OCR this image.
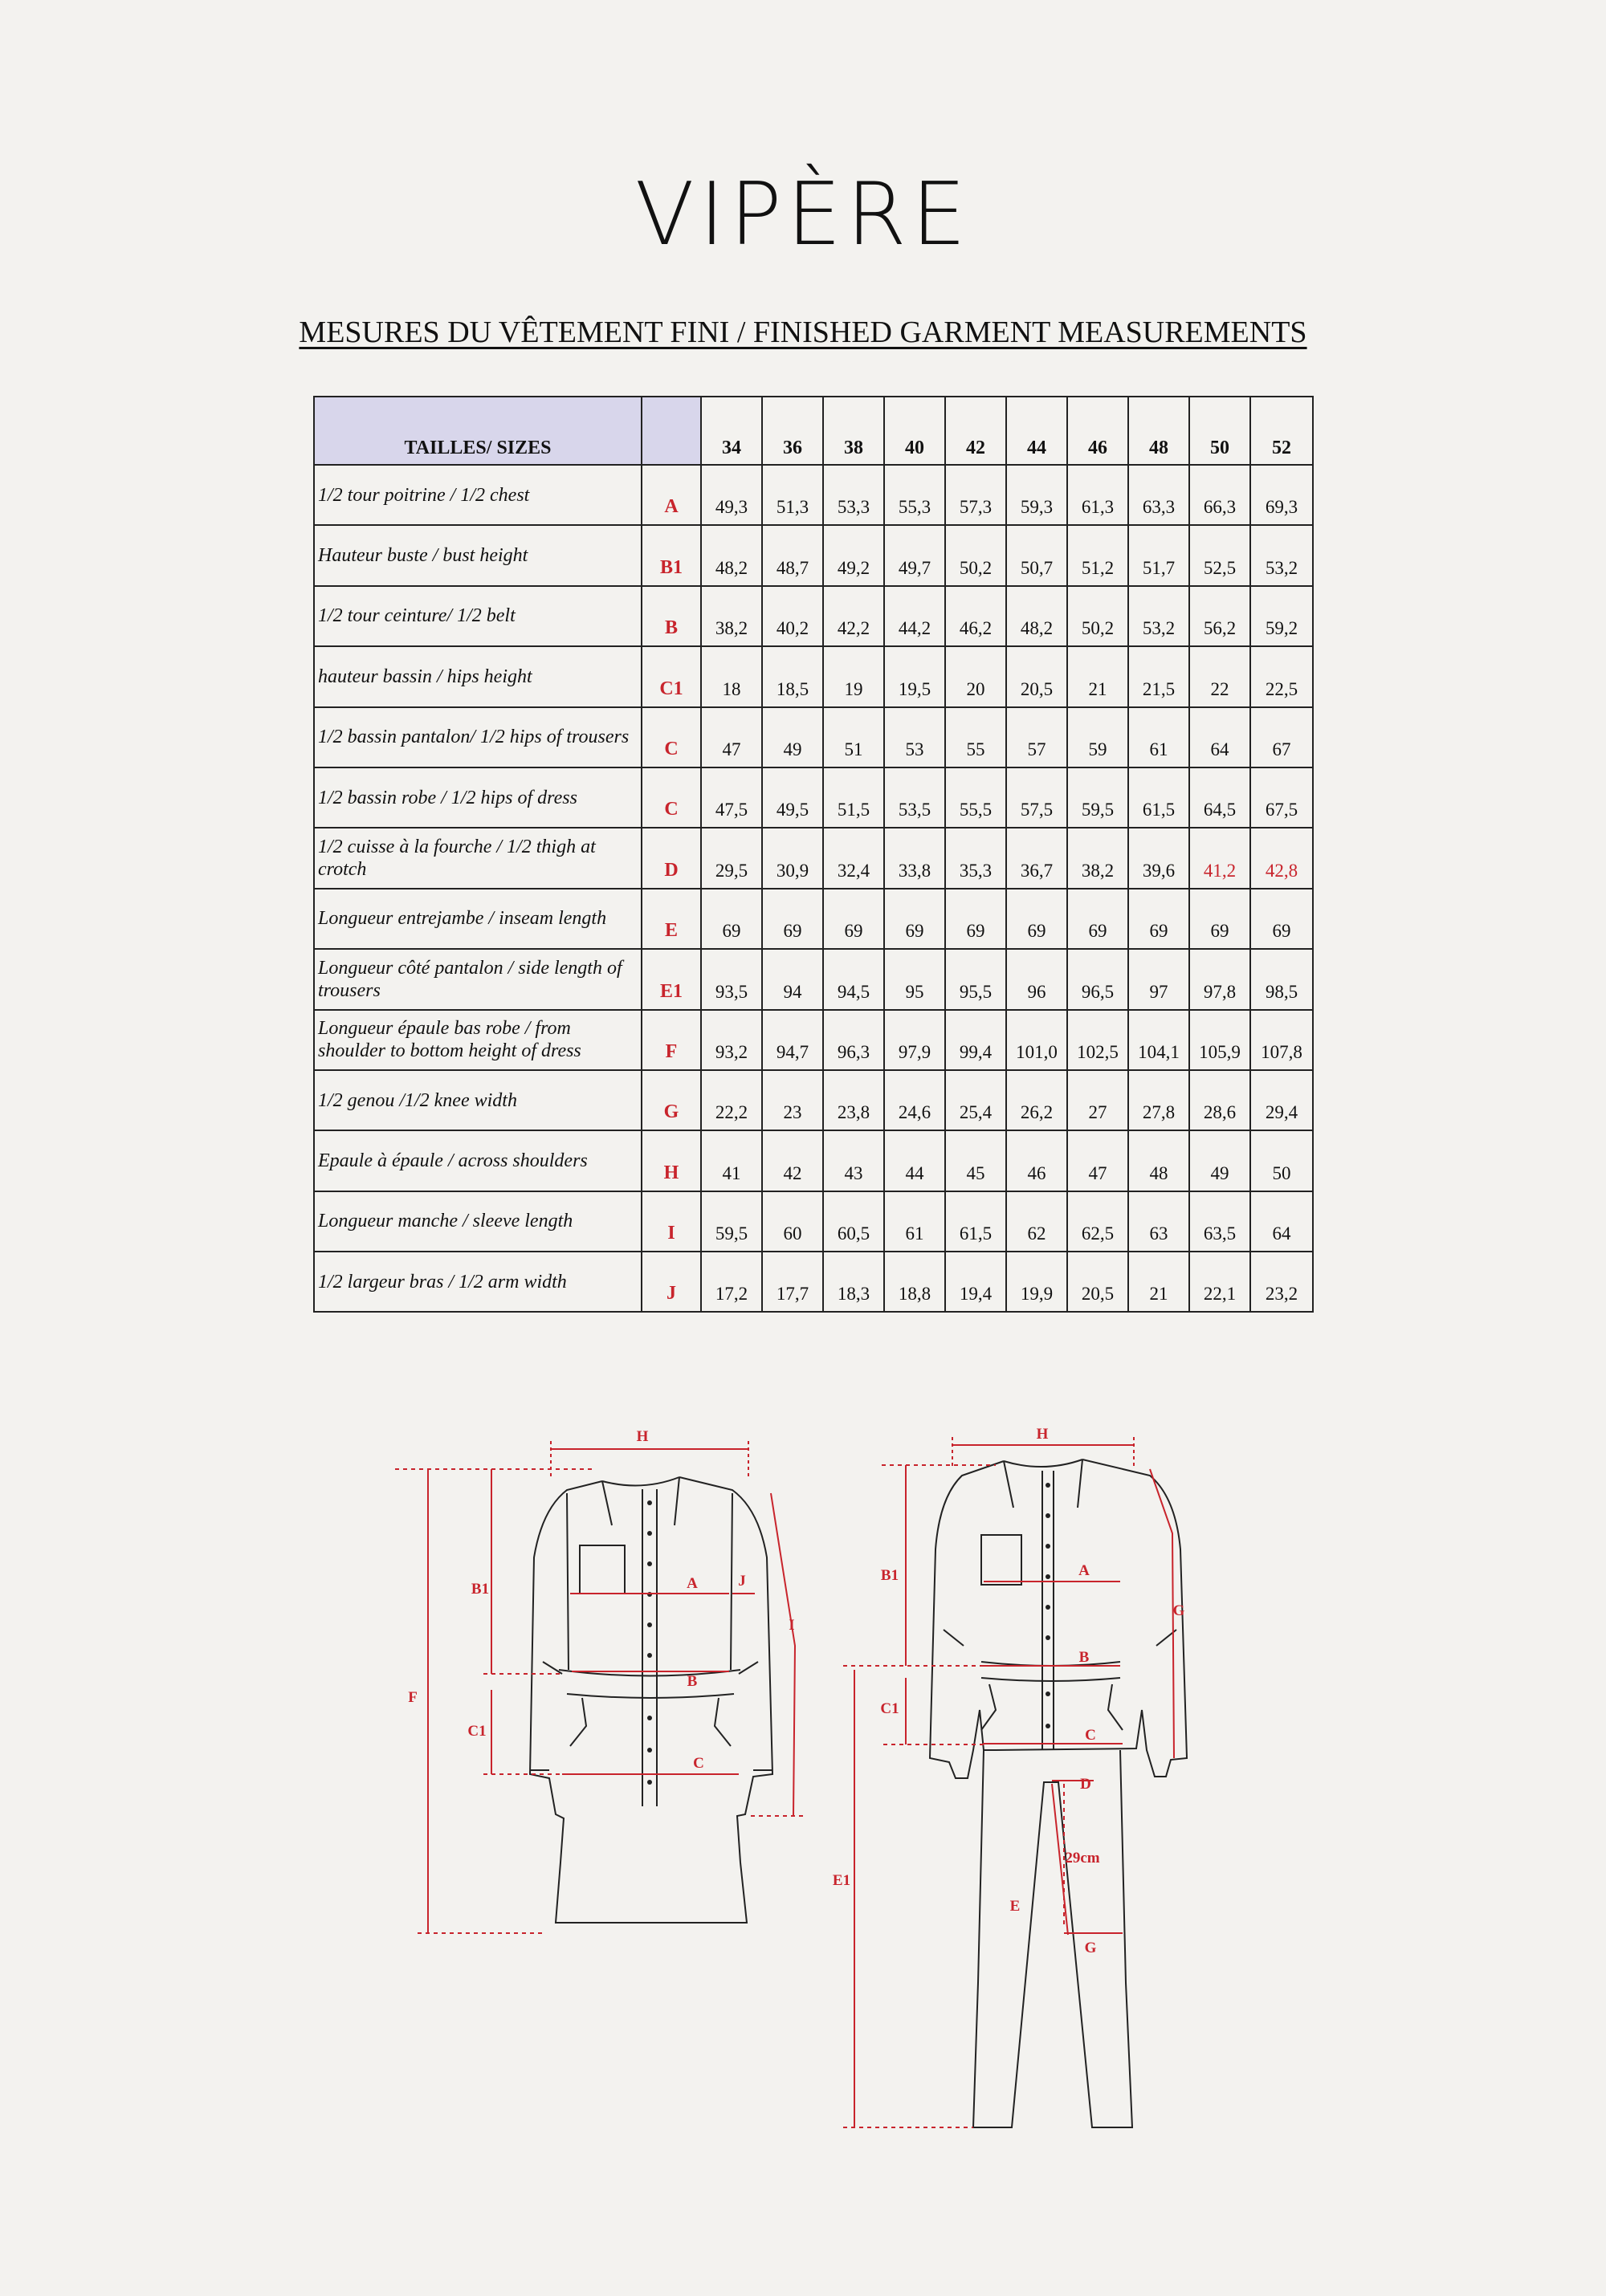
VIPÈRE
MESURES DU VÊTEMENT FINI / FINISHED GARMENT MEASUREMENTS
TAILLES/ SIZES		34	36	38	40	42	44	46	48	50	52
1/2 tour poitrine / 1/2 chest	A	49,3	51,3	53,3	55,3	57,3	59,3	61,3	63,3	66,3	69,3
Hauteur buste / bust height	B1	48,2	48,7	49,2	49,7	50,2	50,7	51,2	51,7	52,5	53,2
1/2 tour ceinture/ 1/2 belt	B	38,2	40,2	42,2	44,2	46,2	48,2	50,2	53,2	56,2	59,2
hauteur bassin / hips height	C1	18	18,5	19	19,5	20	20,5	21	21,5	22	22,5
1/2 bassin pantalon/ 1/2 hips of trousers	C	47	49	51	53	55	57	59	61	64	67
1/2 bassin robe / 1/2 hips of dress	C	47,5	49,5	51,5	53,5	55,5	57,5	59,5	61,5	64,5	67,5
1/2 cuisse à la fourche / 1/2 thigh at crotch	D	29,5	30,9	32,4	33,8	35,3	36,7	38,2	39,6	41,2	42,8
Longueur entrejambe / inseam length	E	69	69	69	69	69	69	69	69	69	69
Longueur côté pantalon / side length of trousers	E1	93,5	94	94,5	95	95,5	96	96,5	97	97,8	98,5
Longueur épaule bas robe / from shoulder to bottom height of dress	F	93,2	94,7	96,3	97,9	99,4	101,0	102,5	104,1	105,9	107,8
1/2 genou /1/2 knee width	G	22,2	23	23,8	24,6	25,4	26,2	27	27,8	28,6	29,4
Epaule à épaule / across shoulders	H	41	42	43	44	45	46	47	48	49	50
Longueur manche / sleeve length	I	59,5	60	60,5	61	61,5	62	62,5	63	63,5	64
1/2 largeur bras / 1/2 arm width	J	17,2	17,7	18,3	18,8	19,4	19,9	20,5	21	22,1	23,2
H
B1	A	J
I
F
B
C1
C
H
B1	A
G
B
C1
C
D
E1
E
29cm
G
